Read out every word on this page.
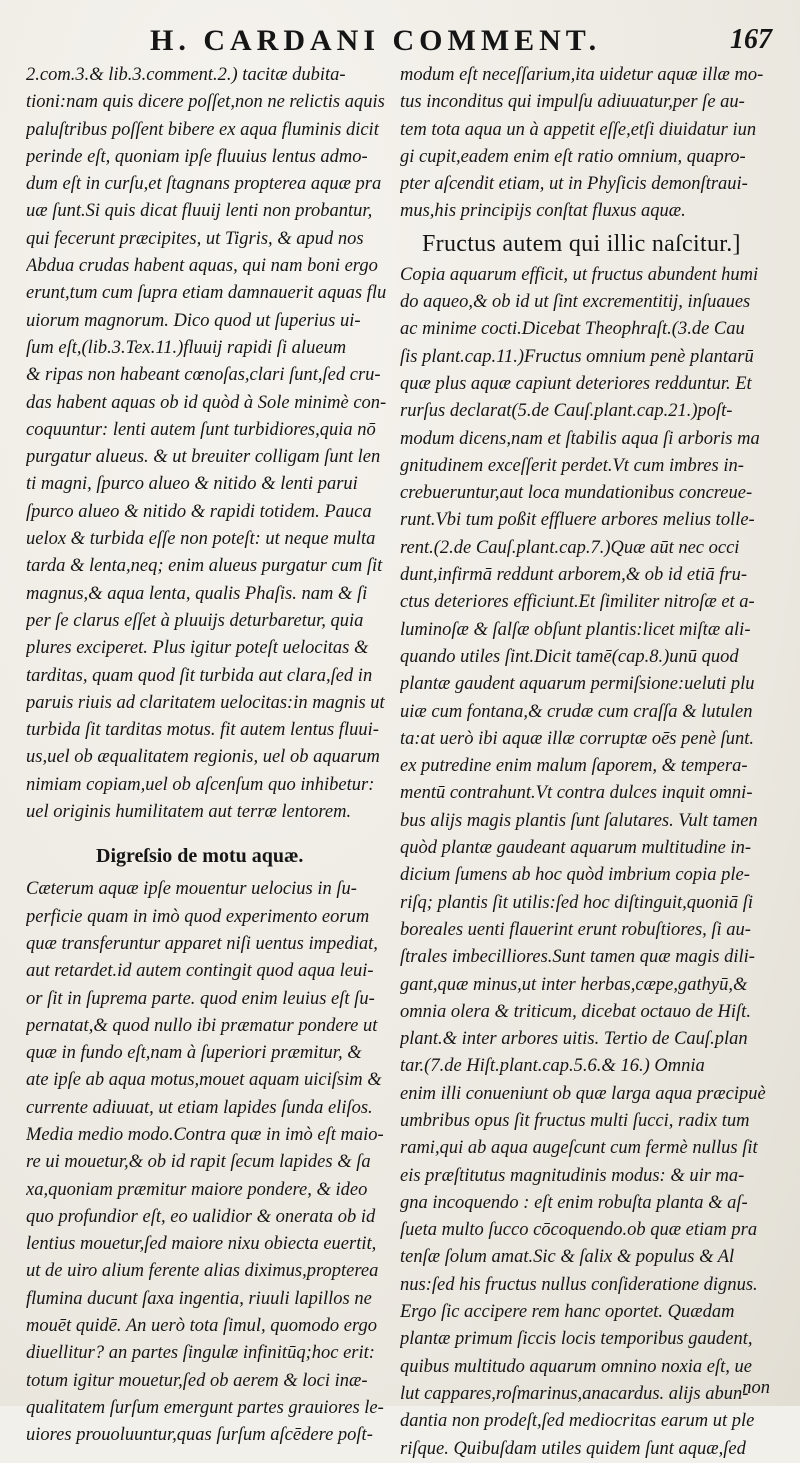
H. CARDANI COMMENT.	167
2.com.3.& lib.3.comment.2.) tacitæ dubita-
tioni:nam quis dicere poſſet,non ne relictis aquis
paluſtribus poſſent bibere ex aqua fluminis dicit
perinde eſt, quoniam ipſe fluuius lentus admo-
dum eſt in curſu,et ſtagnans propterea aquæ pra
uæ ſunt.Si quis dicat fluuij lenti non probantur,
qui fecerunt præcipites, ut Tigris, & apud nos
Abdua crudas habent aquas, qui nam boni ergo
erunt,tum cum ſupra etiam damnauerit aquas flu
uiorum magnorum. Dico quod ut ſuperius ui-
ſum eſt,(lib.3.Tex.11.)fluuij rapidi ſi alueum
& ripas non habeant cœnoſas,clari ſunt,ſed cru-
das habent aquas ob id quòd à Sole minimè con-
coquuntur: lenti autem ſunt turbidiores,quia nō
purgatur alueus. & ut breuiter colligam ſunt len
ti magni, ſpurco alueo & nitido & lenti parui
ſpurco alueo & nitido & rapidi totidem. Pauca
uelox & turbida eſſe non poteſt: ut neque multa
tarda & lenta,neq; enim alueus purgatur cum ſit
magnus,& aqua lenta, qualis Phaſis. nam & ſi
per ſe clarus eſſet à pluuijs deturbaretur, quia
plures exciperet. Plus igitur poteſt uelocitas &
tarditas, quam quod ſit turbida aut clara,ſed in
paruis riuis ad claritatem uelocitas:in magnis ut
turbida ſit tarditas motus. fit autem lentus fluui-
us,uel ob æqualitatem regionis, uel ob aquarum
nimiam copiam,uel ob aſcenſum quo inhibetur:
uel originis humilitatem aut terræ lentorem.
Digreſsio de motu aquæ.
Cæterum aquæ ipſe mouentur uelocius in ſu-
perficie quam in imò quod experimento eorum
quæ transferuntur apparet niſi uentus impediat,
aut retardet.id autem contingit quod aqua leui-
or ſit in ſuprema parte. quod enim leuius eſt ſu-
pernatat,& quod nullo ibi præmatur pondere ut
quæ in fundo eſt,nam à ſuperiori præmitur, &
ate ipſe ab aqua motus,mouet aquam uiciſsim &
currente adiuuat, ut etiam lapides ſunda eliſos.
Media medio modo.Contra quæ in imò eſt maio-
re ui mouetur,& ob id rapit ſecum lapides & ſa
xa,quoniam præmitur maiore pondere, & ideo
quo profundior eſt, eo ualidior & onerata ob id
lentius mouetur,ſed maiore nixu obiecta euertit,
ut de uiro alium ferente alias diximus,propterea
flumina ducunt ſaxa ingentia, riuuli lapillos ne
mouēt quidē. An uerò tota ſimul, quomodo ergo
diuellitur? an partes ſingulæ infinitūq;hoc erit:
totum igitur mouetur,ſed ob aerem & loci inæ-
qualitatem ſurſum emergunt partes grauiores le-
uiores prouoluuntur,quas ſurſum aſcēdere poſt-
modum eſt neceſſarium,ita uidetur aquæ illæ mo-
tus inconditus qui impulſu adiuuatur,per ſe au-
tem tota aqua un à appetit eſſe,etſi diuidatur iun
gi cupit,eadem enim eſt ratio omnium, quapro-
pter aſcendit etiam, ut in Phyſicis demonſtraui-
mus,his principijs conſtat fluxus aquæ.
Fructus autem qui illic naſcitur.]
Copia aquarum efficit, ut fructus abundent humi
do aqueo,& ob id ut ſint excrementitij, inſuaues
ac minime cocti.Dicebat Theophraſt.(3.de Cau
ſis plant.cap.11.)Fructus omnium penè plantarū
quæ plus aquæ capiunt deteriores redduntur. Et
rurſus declarat(5.de Cauſ.plant.cap.21.)poſt-
modum dicens,nam et ſtabilis aqua ſi arboris ma
gnitudinem exceſſerit perdet.Vt cum imbres in-
crebueruntur,aut loca mundationibus concreue-
runt.Vbi tum poßit effluere arbores melius tolle-
rent.(2.de Cauſ.plant.cap.7.)Quæ aūt nec occi
dunt,infirmā reddunt arborem,& ob id etiā fru-
ctus deteriores efficiunt.Et ſimiliter nitroſæ et a-
luminoſæ & ſalſæ obſunt plantis:licet miſtæ ali-
quando utiles ſint.Dicit tamē(cap.8.)unū quod
plantæ gaudent aquarum permiſsione:ueluti plu
uiæ cum fontana,& crudæ cum craſſa & lutulen
ta:at uerò ibi aquæ illæ corruptæ oēs penè ſunt.
ex putredine enim malum ſaporem, & tempera-
mentū contrahunt.Vt contra dulces inquit omni-
bus alijs magis plantis ſunt ſalutares. Vult tamen
quòd plantæ gaudeant aquarum multitudine in-
dicium ſumens ab hoc quòd imbrium copia ple-
riſq; plantis ſit utilis:ſed hoc diſtinguit,quoniā ſi
boreales uenti flauerint erunt robuſtiores, ſi au-
ſtrales imbecilliores.Sunt tamen quæ magis dili-
gant,quæ minus,ut inter herbas,cæpe,gathyū,&
omnia olera & triticum, dicebat octauo de Hiſt.
plant.& inter arbores uitis. Tertio de Cauſ.plan
tar.(7.de Hiſt.plant.cap.5.6.& 16.) Omnia
enim illi conueniunt ob quæ larga aqua præcipuè
umbribus opus ſit fructus multi ſucci, radix tum
rami,qui ab aqua augeſcunt cum fermè nullus ſit
eis præſtitutus magnitudinis modus: & uir ma-
gna incoquendo : eſt enim robuſta planta & aſ-
ſueta multo ſucco cōcoquendo.ob quæ etiam pra
tenſæ ſolum amat.Sic & ſalix & populus & Al
nus:ſed his fructus nullus conſideratione dignus.
Ergo ſic accipere rem hanc oportet. Quædam
plantæ primum ſiccis locis temporibus gaudent,
quibus multitudo aquarum omnino noxia eſt, ue
lut cappares,roſmarinus,anacardus. alijs abun-
dantia non prodeſt,ſed mediocritas earum ut ple
riſque. Quibuſdam utiles quidem ſunt aquæ,ſed
non
